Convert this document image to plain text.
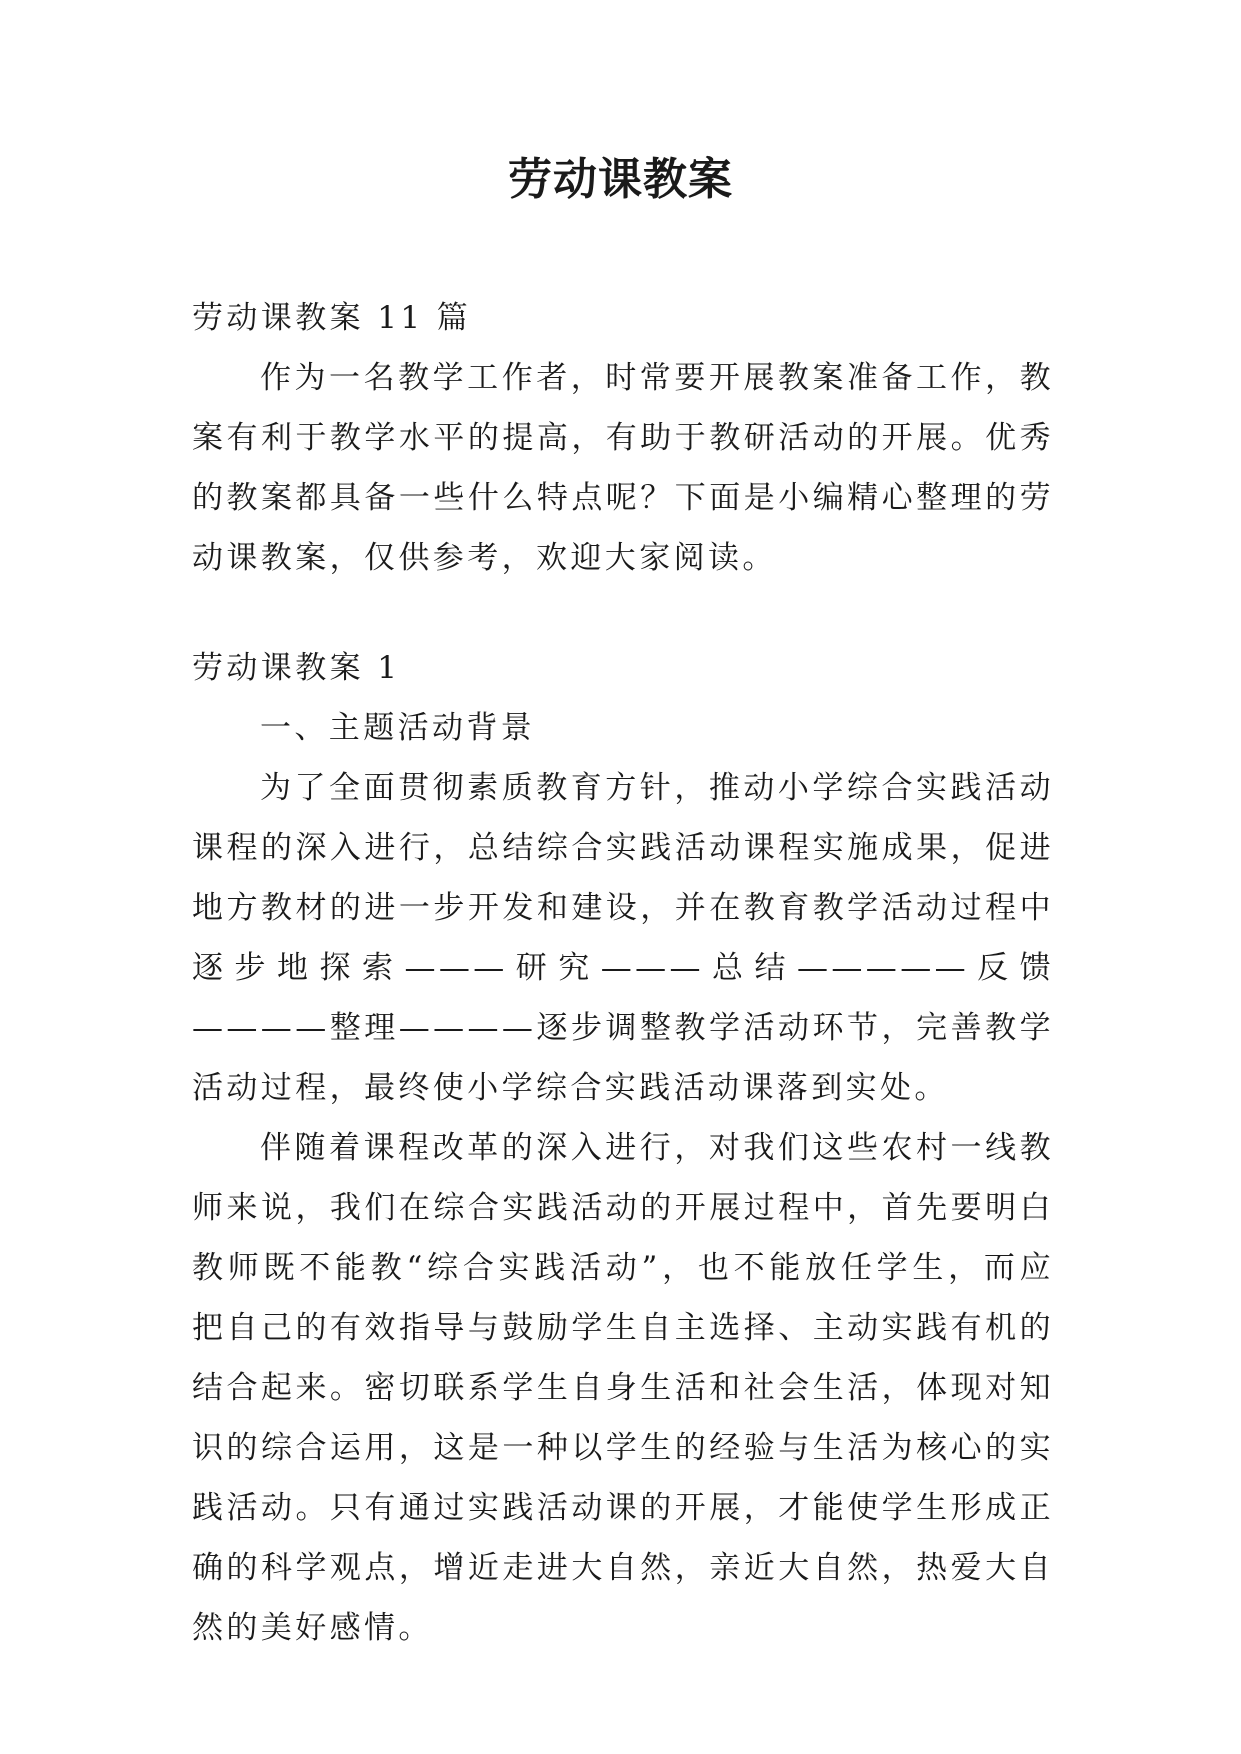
劳动课教案

劳动课教案 11 篇

作为一名教学工作者，时常要开展教案准备工作，教案有利于教学水平的提高，有助于教研活动的开展。优秀的教案都具备一些什么特点呢？下面是小编精心整理的劳动课教案，仅供参考，欢迎大家阅读。

劳动课教案 1

一、主题活动背景

为了全面贯彻素质教育方针，推动小学综合实践活动课程的深入进行，总结综合实践活动课程实施成果，促进地方教材的进一步开发和建设，并在教育教学活动过程中逐步地探索———研究———总结—————反馈————整理————逐步调整教学活动环节，完善教学活动过程，最终使小学综合实践活动课落到实处。

伴随着课程改革的深入进行，对我们这些农村一线教师来说，我们在综合实践活动的开展过程中，首先要明白教师既不能教“综合实践活动”，也不能放任学生，而应把自己的有效指导与鼓励学生自主选择、主动实践有机的结合起来。密切联系学生自身生活和社会生活，体现对知识的综合运用，这是一种以学生的经验与生活为核心的实践活动。只有通过实践活动课的开展，才能使学生形成正确的科学观点，增近走进大自然，亲近大自然，热爱大自然的美好感情。
